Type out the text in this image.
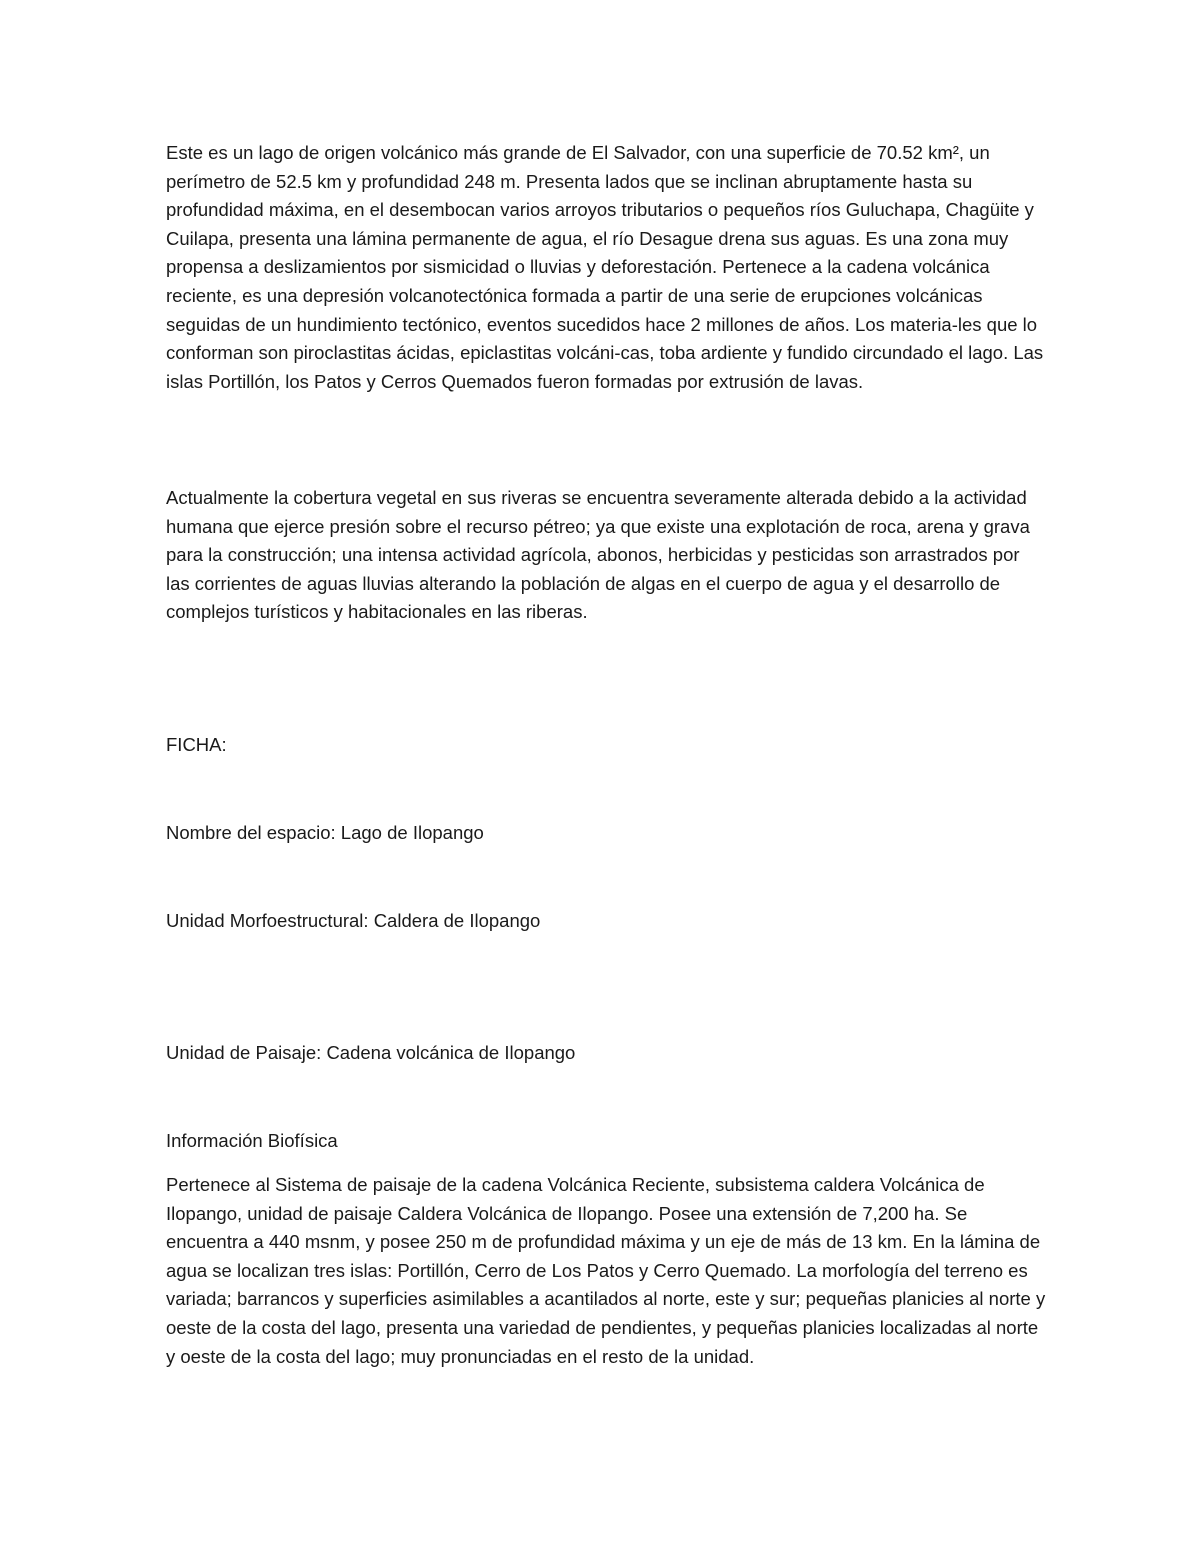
Este es un lago de origen volcánico más grande de El Salvador, con una superficie de 70.52 km², un perímetro de 52.5 km y profundidad 248 m. Presenta lados que se inclinan abruptamente hasta su profundidad máxima, en el desembocan varios arroyos tributarios o pequeños ríos Guluchapa, Chagüite y Cuilapa, presenta una lámina permanente de agua, el río Desague drena sus aguas. Es una zona muy propensa a deslizamientos por sismicidad o lluvias y deforestación. Pertenece a la cadena volcánica reciente, es una depresión volcanotectónica formada a partir de una serie de erupciones volcánicas seguidas de un hundimiento tectónico, eventos sucedidos hace 2 millones de años. Los materia-les que lo conforman son piroclastitas ácidas, epiclastitas volcáni-cas, toba ardiente y fundido circundado el lago. Las islas Portillón, los Patos y Cerros Quemados fueron formadas por extrusión de lavas.

Actualmente la cobertura vegetal en sus riveras se encuentra severamente alterada debido a la actividad humana que ejerce presión sobre el recurso pétreo; ya que existe una explotación de roca, arena y grava para la construcción; una intensa actividad agrícola, abonos, herbicidas y pesticidas son arrastrados por las corrientes de aguas lluvias alterando la población de algas en el cuerpo de agua y el desarrollo de complejos turísticos y habitacionales en las riberas.

FICHA:

Nombre del espacio: Lago de Ilopango

Unidad Morfoestructural: Caldera de Ilopango

Unidad de Paisaje: Cadena volcánica de Ilopango

Información Biofísica

Pertenece al Sistema de paisaje de la cadena Volcánica Reciente, subsistema caldera Volcánica de Ilopango, unidad de paisaje Caldera Volcánica de Ilopango. Posee una extensión de 7,200 ha. Se encuentra a 440 msnm, y posee 250 m de profundidad máxima y un eje de más de 13 km. En la lámina de agua se localizan tres islas: Portillón, Cerro de Los Patos y Cerro Quemado. La morfología del terreno es variada; barrancos y superficies asimilables a acantilados al norte, este y sur; pequeñas planicies al norte y oeste de la costa del lago, presenta una variedad de pendientes, y pequeñas planicies localizadas al norte y oeste de la costa del lago; muy pronunciadas en el resto de la unidad.
